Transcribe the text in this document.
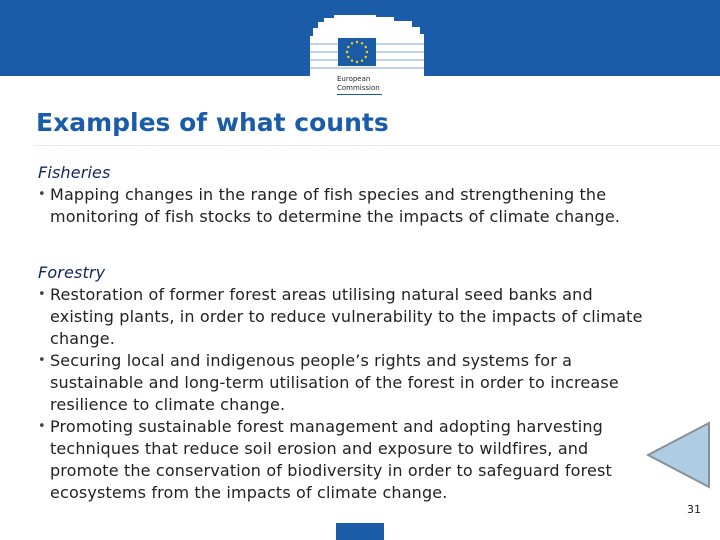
European
Commission
Examples of what counts
Fisheries
• Mapping changes in the range of fish species and strengthening the monitoring of fish stocks to determine the impacts of climate change.
Forestry
• Restoration of former forest areas utilising natural seed banks and existing plants, in order to reduce vulnerability to the impacts of climate change.
• Securing local and indigenous people’s rights and systems for a sustainable and long-term utilisation of the forest in order to increase resilience to climate change.
• Promoting sustainable forest management and adopting harvesting techniques that reduce soil erosion and exposure to wildfires, and promote the conservation of biodiversity in order to safeguard forest ecosystems from the impacts of climate change.
31
